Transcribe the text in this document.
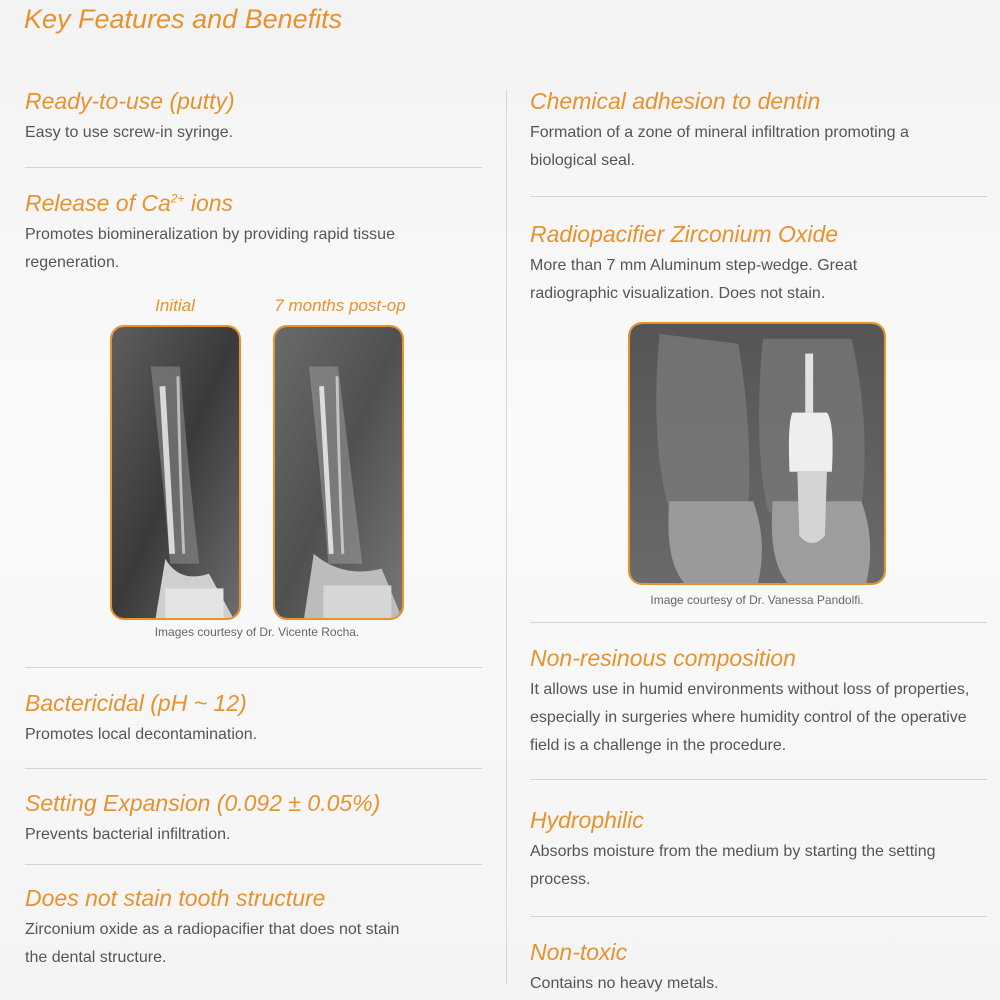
Key Features and Benefits
Ready-to-use (putty)

Easy to use screw-in syringe.

Release of $Ca^{2+}$ ions

Promotes biomineralization by providing rapid tissue regeneration.

Initial	7 months post-op
Images courtesy of Dr. Vicente Rocha.
Bactericidal (pH ~ 12)

Promotes local decontamination.

Setting Expansion (0.092 ± 0.05%)

Prevents bacterial infiltration.

Does not stain tooth structure

Zirconium oxide as a radiopacifier that does not stain the dental structure.

Chemical adhesion to dentin

Formation of a zone of mineral infiltration promoting a biological seal.

Radiopacifier Zirconium Oxide

More than 7 mm Aluminum step-wedge. Great radiographic visualization. Does not stain.

Image courtesy of Dr. Vanessa Pandolfi.
Non-resinous composition

It allows use in humid environments without loss of properties, especially in surgeries where humidity control of the operative field is a challenge in the procedure.

Hydrophilic

Absorbs moisture from the medium by starting the setting process.

Non-toxic

Contains no heavy metals.
